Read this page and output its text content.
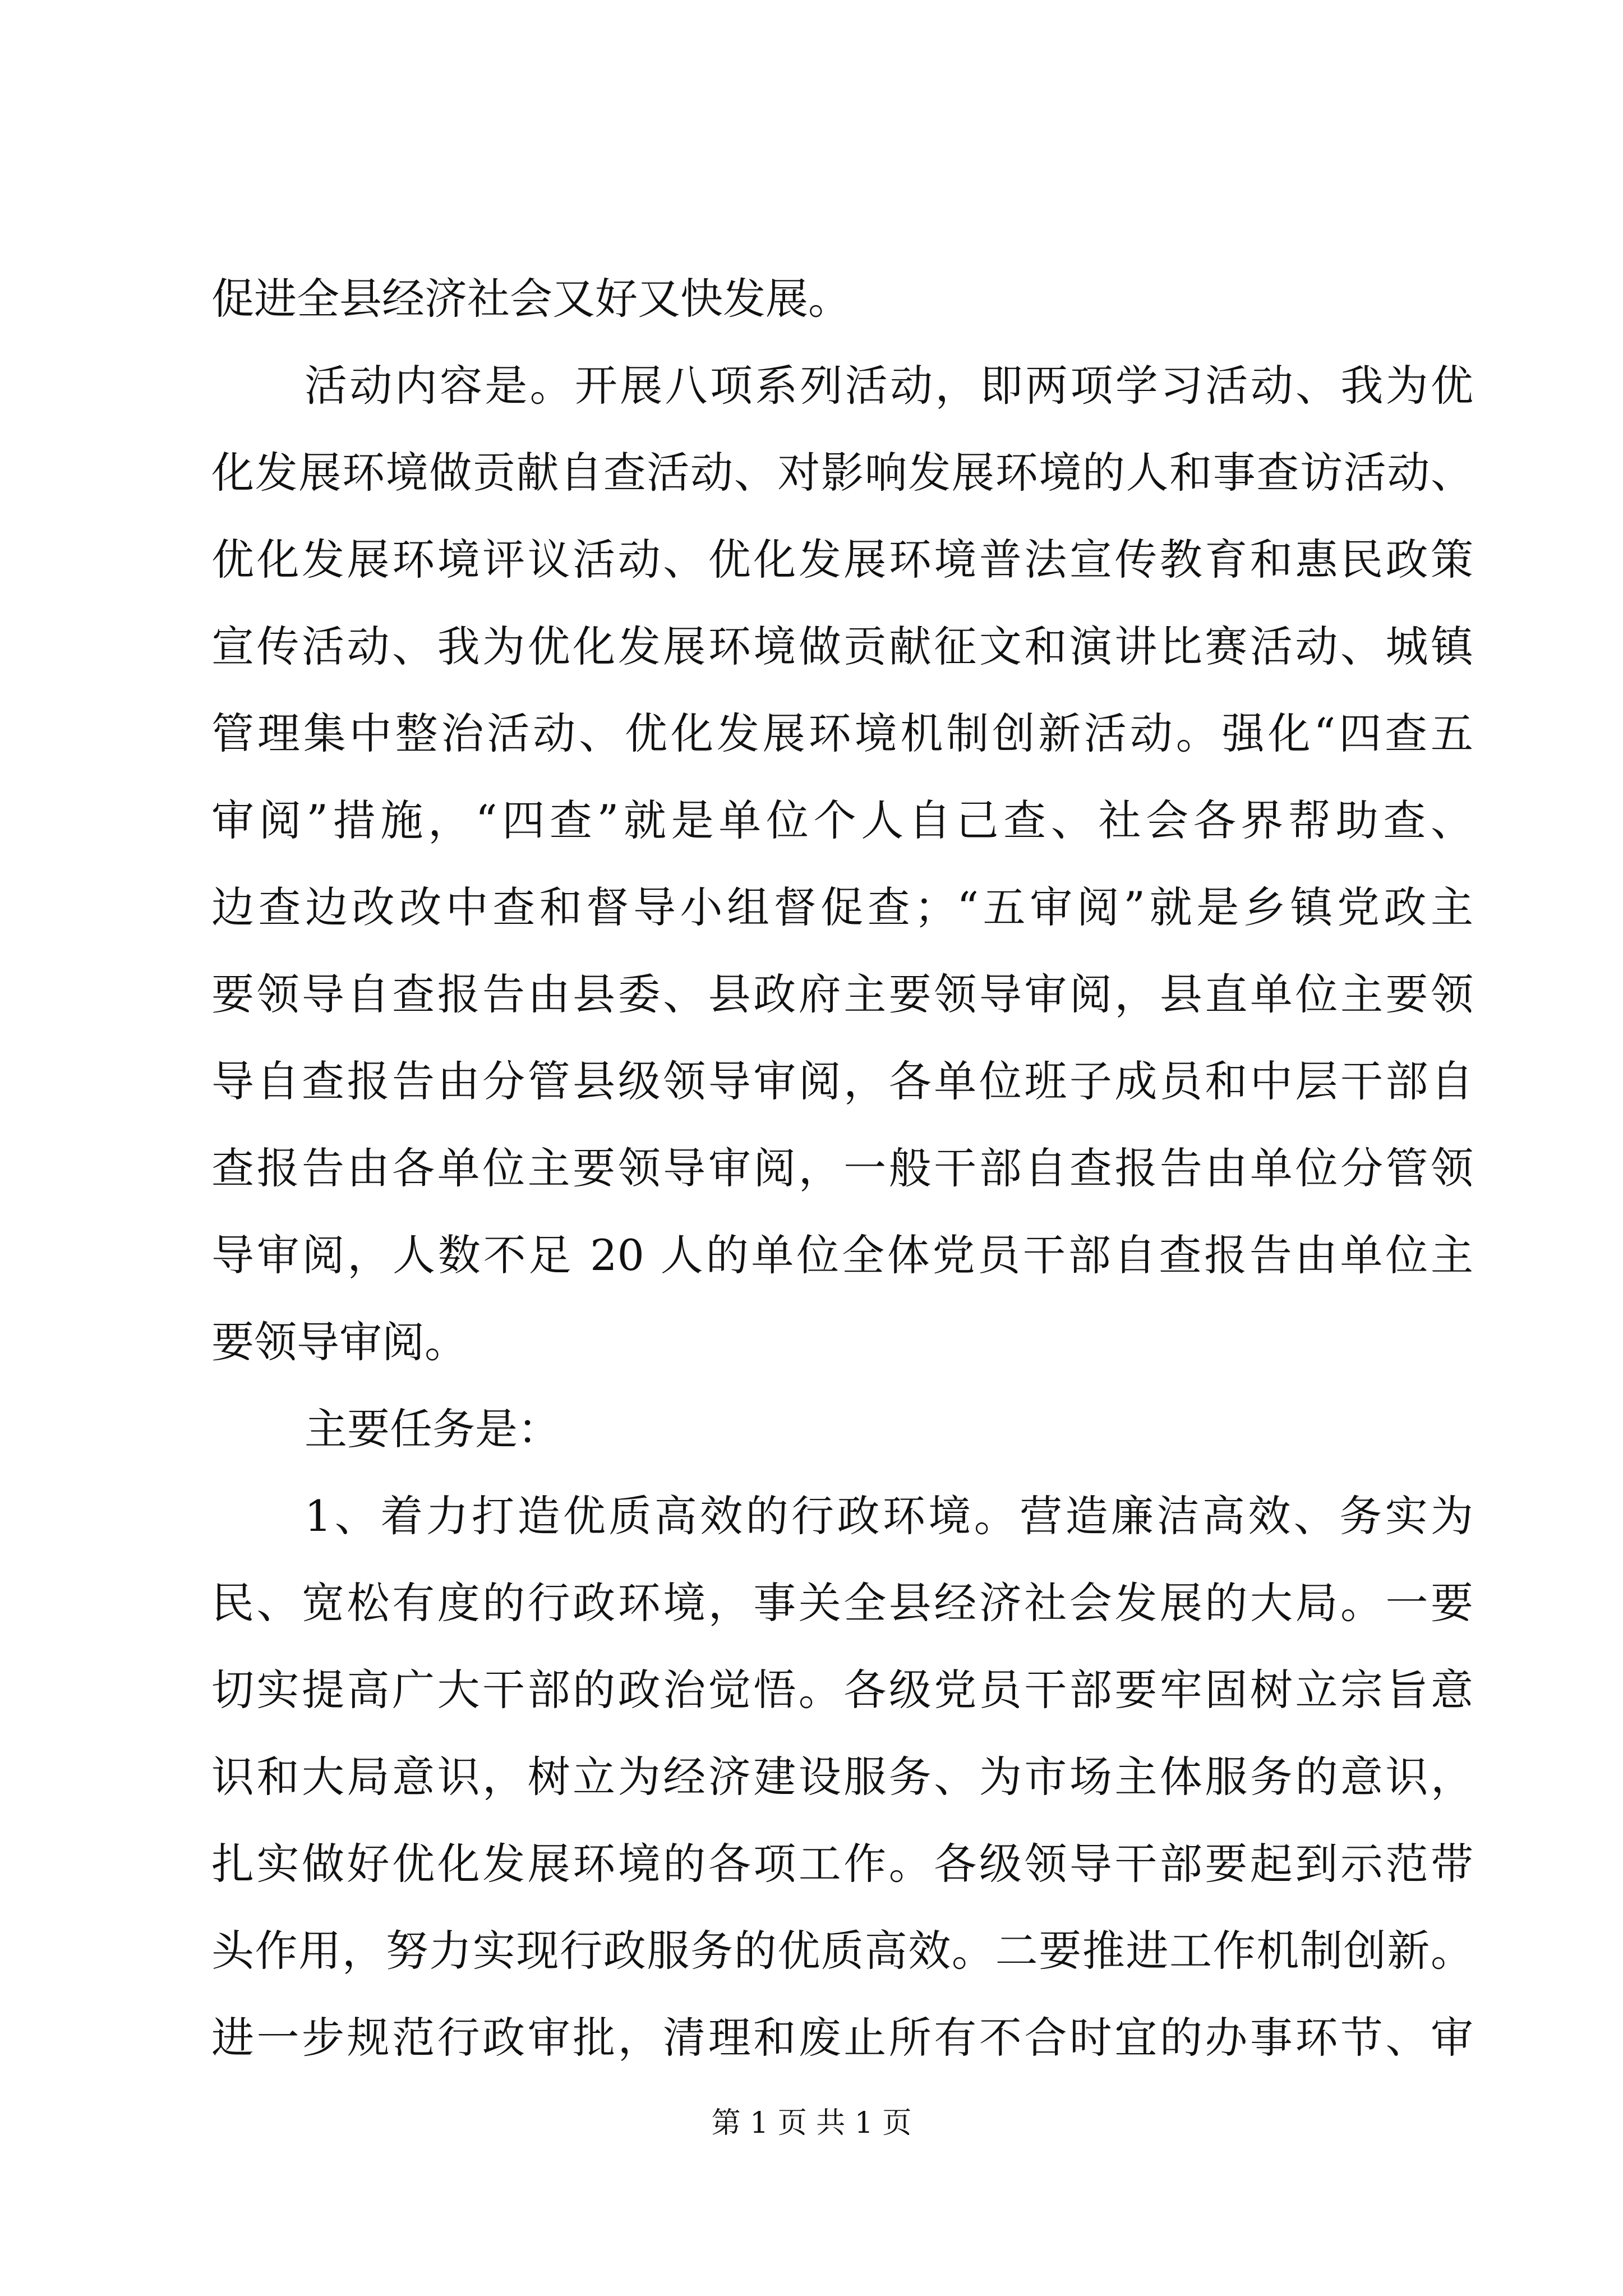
促进全县经济社会又好又快发展。
活动内容是。开展八项系列活动，即两项学习活动、我为优
化发展环境做贡献自查活动、对影响发展环境的人和事查访活动、
优化发展环境评议活动、优化发展环境普法宣传教育和惠民政策
宣传活动、我为优化发展环境做贡献征文和演讲比赛活动、城镇
管理集中整治活动、优化发展环境机制创新活动。强化“四查五
审阅”措施，“四查”就是单位个人自己查、社会各界帮助查、
边查边改改中查和督导小组督促查；“五审阅”就是乡镇党政主
要领导自查报告由县委、县政府主要领导审阅，县直单位主要领
导自查报告由分管县级领导审阅，各单位班子成员和中层干部自
查报告由各单位主要领导审阅，一般干部自查报告由单位分管领
导审阅，人数不足 20 人的单位全体党员干部自查报告由单位主
要领导审阅。
主要任务是：
1、着力打造优质高效的行政环境。营造廉洁高效、务实为
民、宽松有度的行政环境，事关全县经济社会发展的大局。一要
切实提高广大干部的政治觉悟。各级党员干部要牢固树立宗旨意
识和大局意识，树立为经济建设服务、为市场主体服务的意识，
扎实做好优化发展环境的各项工作。各级领导干部要起到示范带
头作用，努力实现行政服务的优质高效。二要推进工作机制创新。
进一步规范行政审批，清理和废止所有不合时宜的办事环节、审
第 1 页 共 1 页
